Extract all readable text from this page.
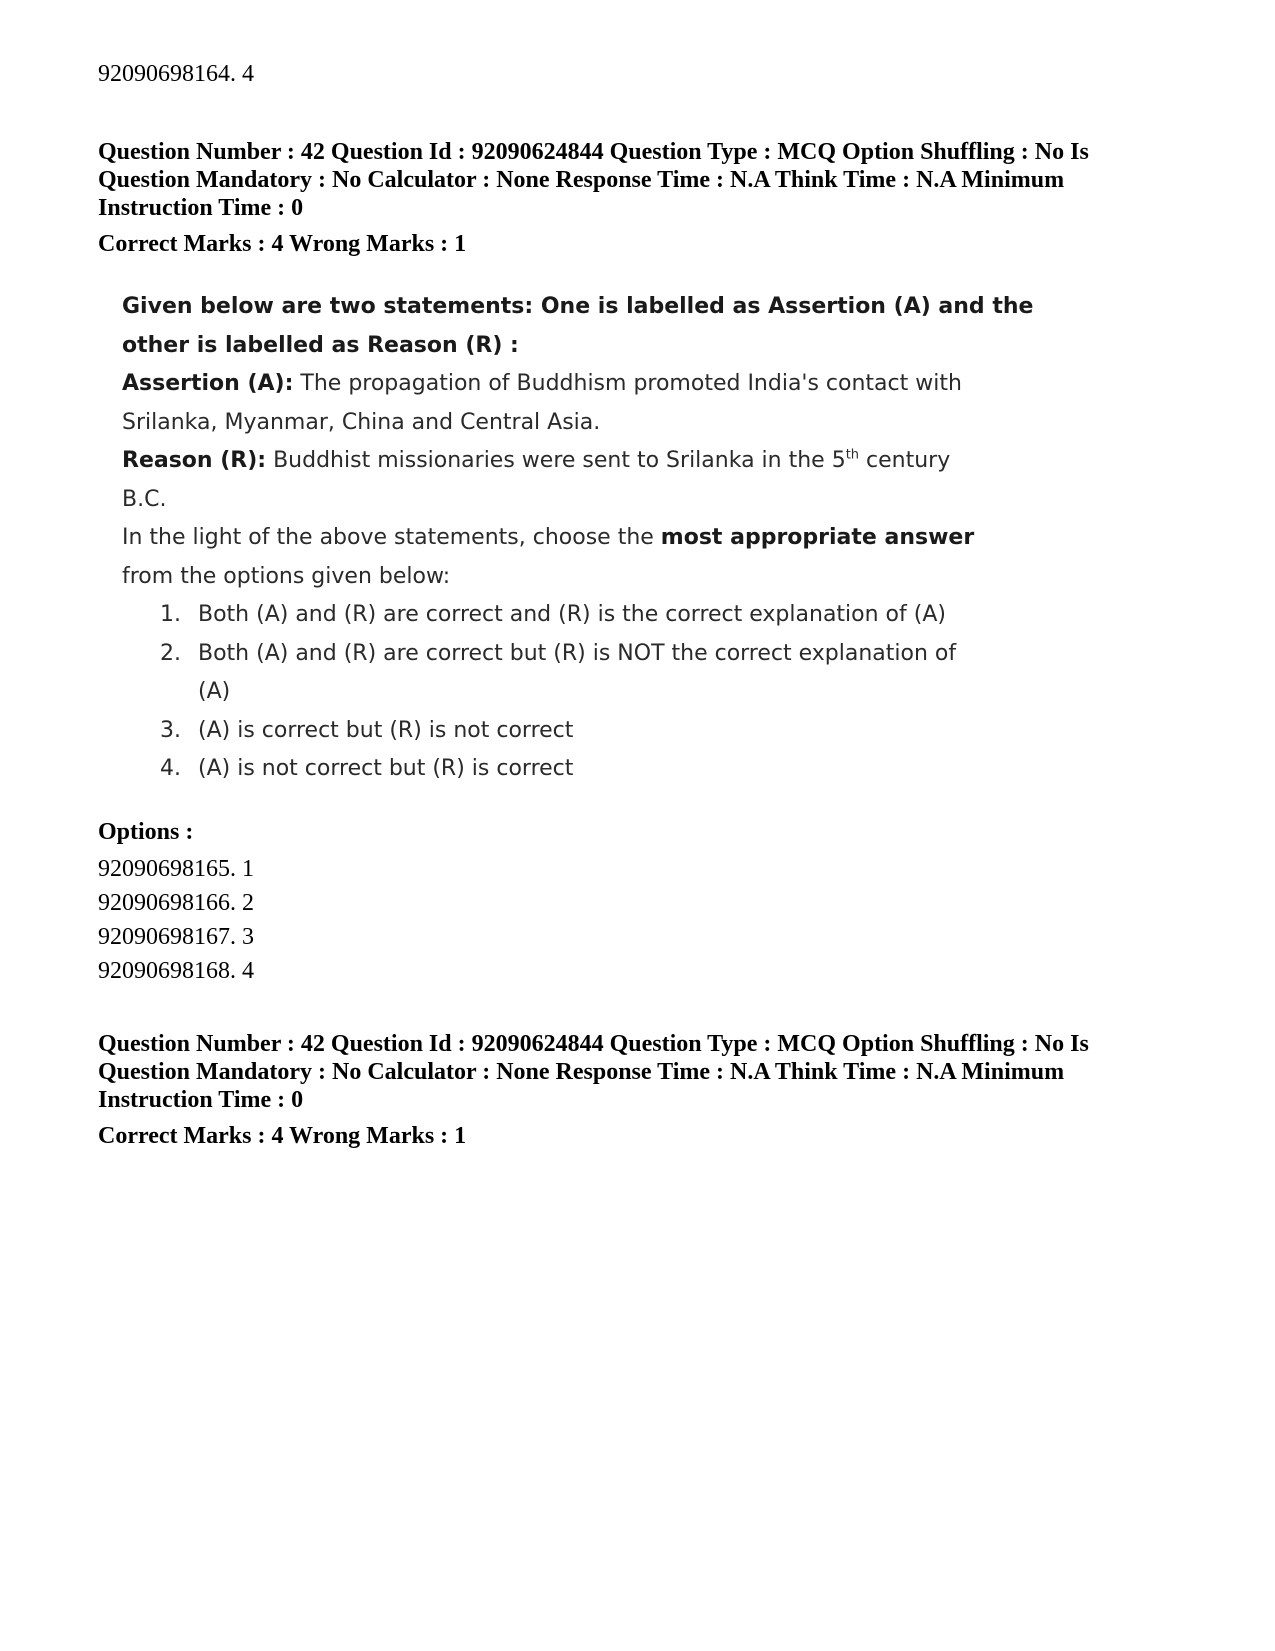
92090698164. 4
Question Number : 42 Question Id : 92090624844 Question Type : MCQ Option Shuffling : No Is
Question Mandatory : No Calculator : None Response Time : N.A Think Time : N.A Minimum
Instruction Time : 0
Correct Marks : 4 Wrong Marks : 1
Given below are two statements: One is labelled as Assertion (A) and the
other is labelled as Reason (R) :
Assertion (A): The propagation of Buddhism promoted India's contact with
Srilanka, Myanmar, China and Central Asia.
Reason (R): Buddhist missionaries were sent to Srilanka in the 5th century
B.C.
In the light of the above statements, choose the most appropriate answer
from the options given below:
1. Both (A) and (R) are correct and (R) is the correct explanation of (A)
2. Both (A) and (R) are correct but (R) is NOT the correct explanation of
(A)
3. (A) is correct but (R) is not correct
4. (A) is not correct but (R) is correct
Options :
92090698165. 1
92090698166. 2
92090698167. 3
92090698168. 4
Question Number : 42 Question Id : 92090624844 Question Type : MCQ Option Shuffling : No Is
Question Mandatory : No Calculator : None Response Time : N.A Think Time : N.A Minimum
Instruction Time : 0
Correct Marks : 4 Wrong Marks : 1
